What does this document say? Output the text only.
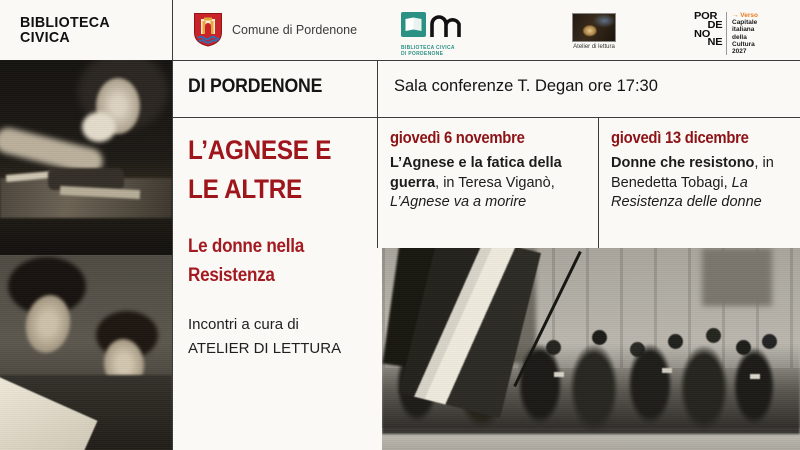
BIBLIOTECA
CIVICA	Comune di Pordenone
BIBLIOTECA CIVICA
DI PORDENONE
Atelier di lettura
POR
DE
NO
NE
→ Verso
Capitale
italiana
della
Cultura
2027
DI PORDENONE	Sala conferenze T. Degan ore 17:30
L’AGNESE E
LE ALTRE
Le donne nella
Resistenza
Incontri a cura di
ATELIER DI LETTURA
giovedì 6 novembre

L’Agnese e la fatica della guerra, in Teresa Viganò, L’Agnese va a morire

giovedì 13 dicembre

Donne che resistono, in Benedetta Tobagi, La Resistenza delle donne
